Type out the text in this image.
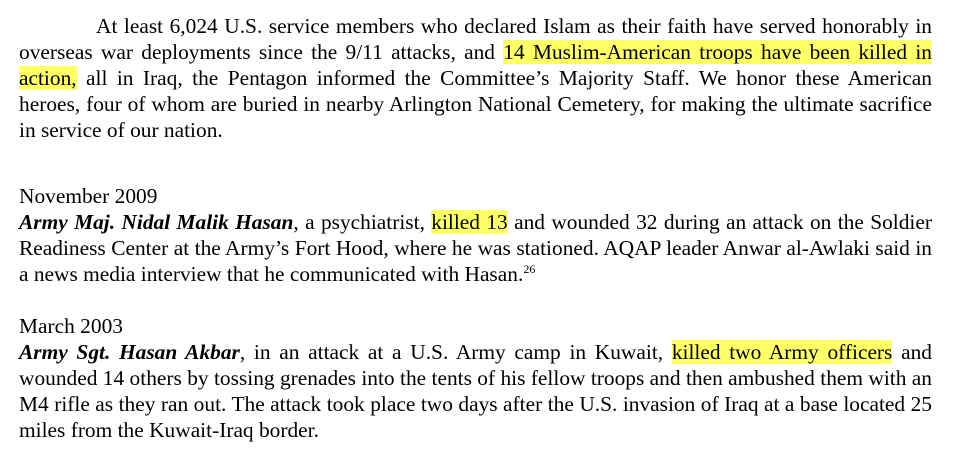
At least 6,024 U.S. service members who declared Islam as their faith have served honorably in overseas war deployments since the 9/11 attacks, and 14 Muslim-American troops have been killed in action, all in Iraq, the Pentagon informed the Committee’s Majority Staff. We honor these American heroes, four of whom are buried in nearby Arlington National Cemetery, for making the ultimate sacrifice in service of our nation.

November 2009

Army Maj. Nidal Malik Hasan, a psychiatrist, killed 13 and wounded 32 during an attack on the Soldier Readiness Center at the Army’s Fort Hood, where he was stationed. AQAP leader Anwar al-Awlaki said in a news media interview that he communicated with Hasan.$^{26}$

March 2003

Army Sgt. Hasan Akbar, in an attack at a U.S. Army camp in Kuwait, killed two Army officers and wounded 14 others by tossing grenades into the tents of his fellow troops and then ambushed them with an M4 rifle as they ran out. The attack took place two days after the U.S. invasion of Iraq at a base located 25 miles from the Kuwait-Iraq border.
